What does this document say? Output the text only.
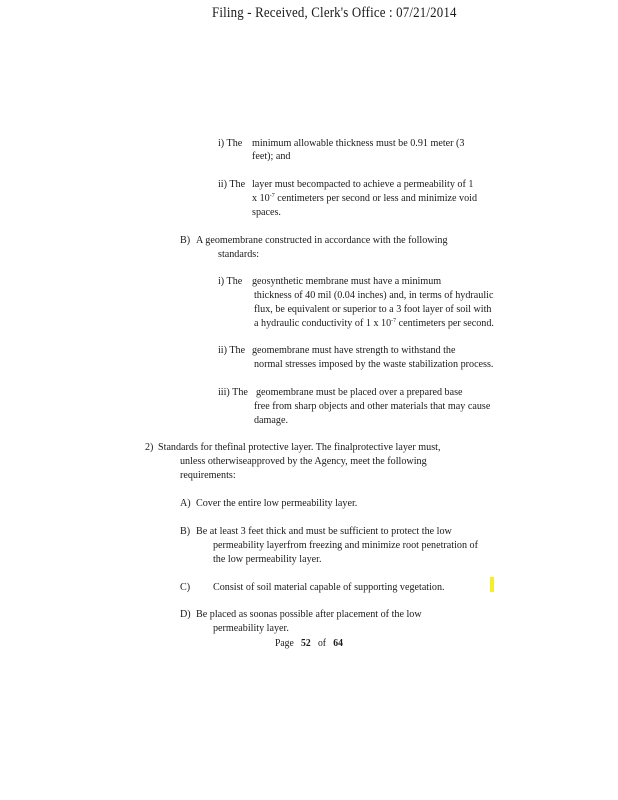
Filing - Received, Clerk's Office : 07/21/2014
i) The minimum allowable thickness must be 0.91 meter (3
feet); and
ii) The layer must becompacted to achieve a permeability of 1
x $10^{-7}$ centimeters per second or less and minimize void
spaces.
B) A geomembrane constructed in accordance with the following
standards:
i) The geosynthetic membrane must have a minimum
thickness of 40 mil (0.04 inches) and, in terms of hydraulic
flux, be equivalent or superior to a 3 foot layer of soil with
a hydraulic conductivity of 1 x $10^{-7}$ centimeters per second.
ii) The geomembrane must have strength to withstand the
normal stresses imposed by the waste stabilization process.
iii) The geomembrane must be placed over a prepared base
free from sharp objects and other materials that may cause
damage.
2) Standards for thefinal protective layer. The finalprotective layer must,
unless otherwiseapproved by the Agency, meet the following
requirements:
A) Cover the entire low permeability layer.
B) Be at least 3 feet thick and must be sufficient to protect the low
permeability layerfrom freezing and minimize root penetration of
the low permeability layer.
C) Consist of soil material capable of supporting vegetation.
D) Be placed as soonas possible after placement of the low
permeability layer.
Page 52 of 64
